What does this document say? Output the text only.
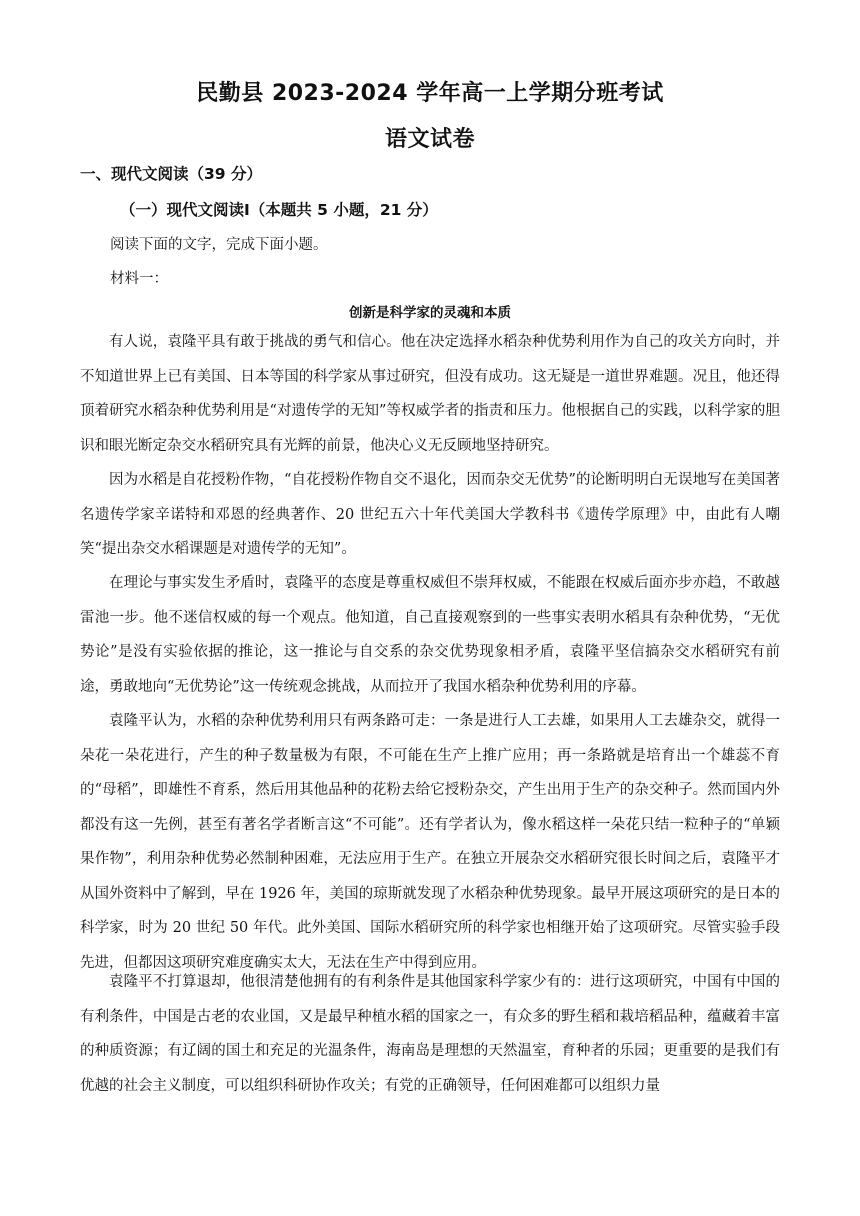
民勤县 2023-2024 学年高一上学期分班考试
语文试卷
一、现代文阅读（39 分）
（一）现代文阅读Ⅰ（本题共 5 小题，21 分）
阅读下面的文字，完成下面小题。
材料一：
创新是科学家的灵魂和本质

有人说，袁隆平具有敢于挑战的勇气和信心。他在决定选择水稻杂种优势利用作为自己的攻关方向时，并不知道世界上已有美国、日本等国的科学家从事过研究，但没有成功。这无疑是一道世界难题。况且，他还得顶着研究水稻杂种优势利用是“对遗传学的无知”等权威学者的指责和压力。他根据自己的实践，以科学家的胆识和眼光断定杂交水稻研究具有光辉的前景，他决心义无反顾地坚持研究。

因为水稻是自花授粉作物，“自花授粉作物自交不退化，因而杂交无优势”的论断明明白无误地写在美国著名遗传学家辛诺特和邓恩的经典著作、20 世纪五六十年代美国大学教科书《遗传学原理》中，由此有人嘲笑“提出杂交水稻课题是对遗传学的无知”。

在理论与事实发生矛盾时，袁隆平的态度是尊重权威但不崇拜权威，不能跟在权威后面亦步亦趋，不敢越雷池一步。他不迷信权威的每一个观点。他知道，自己直接观察到的一些事实表明水稻具有杂种优势，“无优势论”是没有实验依据的推论，这一推论与自交系的杂交优势现象相矛盾，袁隆平坚信搞杂交水稻研究有前途，勇敢地向“无优势论”这一传统观念挑战，从而拉开了我国水稻杂种优势利用的序幕。

袁隆平认为，水稻的杂种优势利用只有两条路可走：一条是进行人工去雄，如果用人工去雄杂交，就得一朵花一朵花进行，产生的种子数量极为有限，不可能在生产上推广应用；再一条路就是培育出一个雄蕊不育的“母稻”，即雄性不育系，然后用其他品种的花粉去给它授粉杂交，产生出用于生产的杂交种子。然而国内外都没有这一先例，甚至有著名学者断言这“不可能”。还有学者认为，像水稻这样一朵花只结一粒种子的“单颖果作物”，利用杂种优势必然制种困难，无法应用于生产。在独立开展杂交水稻研究很长时间之后，袁隆平才从国外资料中了解到，早在 1926 年，美国的琼斯就发现了水稻杂种优势现象。最早开展这项研究的是日本的科学家，时为 20 世纪 50 年代。此外美国、国际水稻研究所的科学家也相继开始了这项研究。尽管实验手段先进，但都因这项研究难度确实太大，无法在生产中得到应用。

袁隆平不打算退却，他很清楚他拥有的有利条件是其他国家科学家少有的：进行这项研究，中国有中国的有利条件，中国是古老的农业国，又是最早种植水稻的国家之一，有众多的野生稻和栽培稻品种，蕴藏着丰富的种质资源；有辽阔的国土和充足的光温条件，海南岛是理想的天然温室，育种者的乐园；更重要的是我们有优越的社会主义制度，可以组织科研协作攻关；有党的正确领导，任何困难都可以组织力量
